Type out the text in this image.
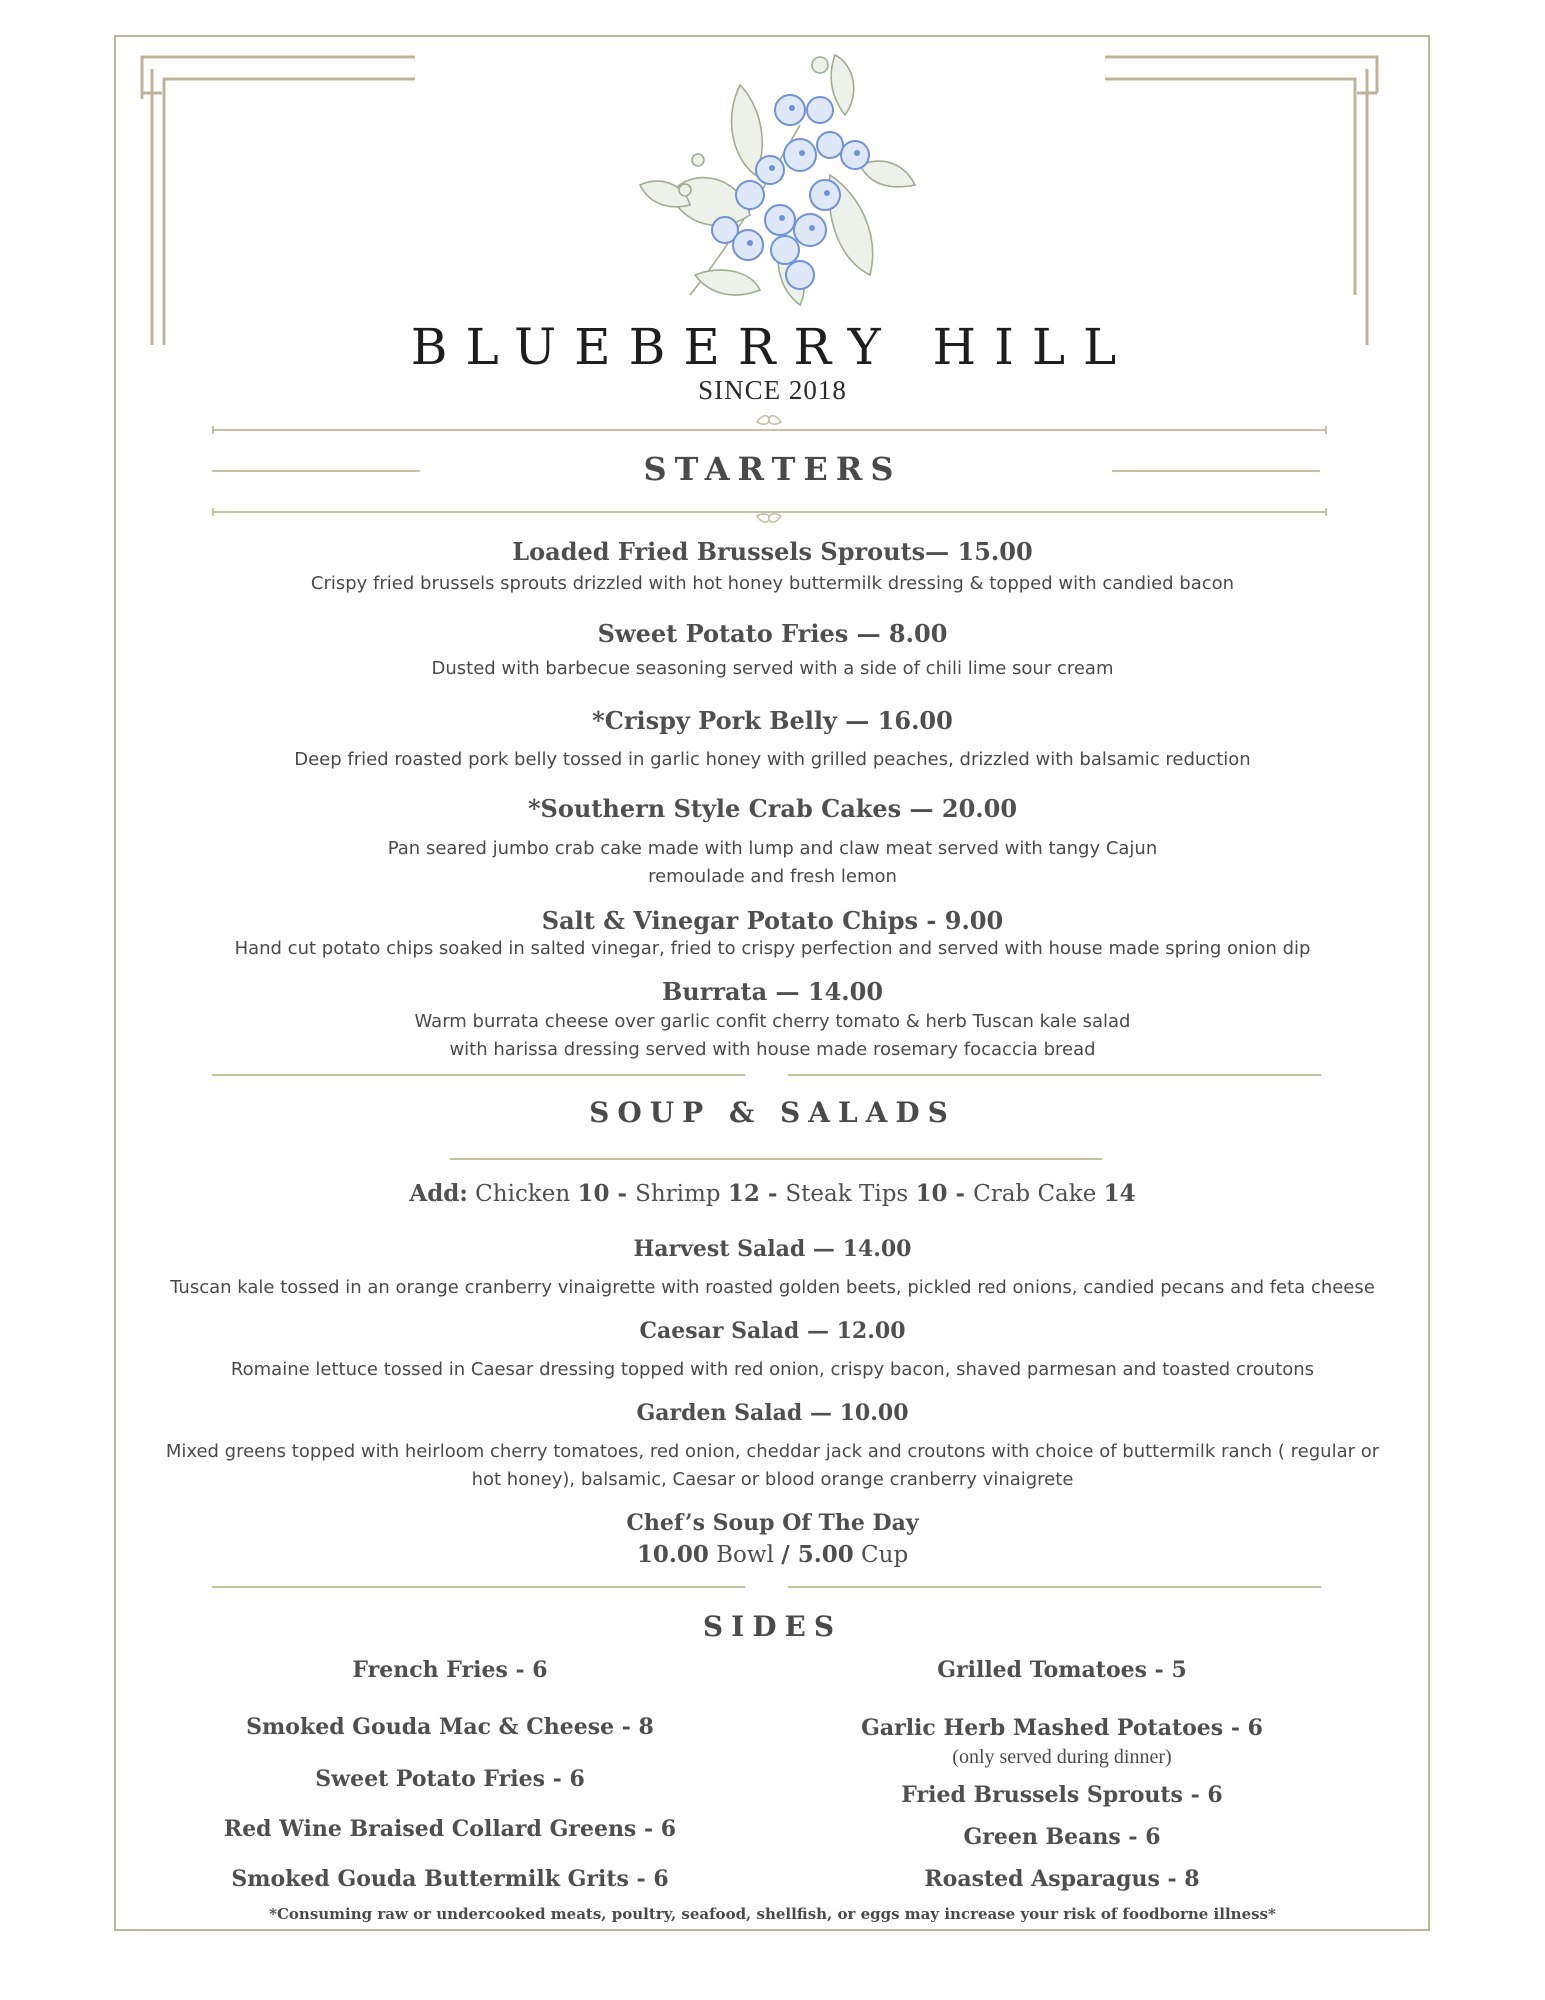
BLUEBERRY HILL
SINCE 2018
STARTERS
Loaded Fried Brussels Sprouts— 15.00
Crispy fried brussels sprouts drizzled with hot honey buttermilk dressing & topped with candied bacon
Sweet Potato Fries — 8.00
Dusted with barbecue seasoning served with a side of chili lime sour cream
*Crispy Pork Belly — 16.00
Deep fried roasted pork belly tossed in garlic honey with grilled peaches, drizzled with balsamic reduction
*Southern Style Crab Cakes — 20.00
Pan seared jumbo crab cake made with lump and claw meat served with tangy Cajun
remoulade and fresh lemon
Salt & Vinegar Potato Chips - 9.00
Hand cut potato chips soaked in salted vinegar, fried to crispy perfection and served with house made spring onion dip
Burrata — 14.00
Warm burrata cheese over garlic confit cherry tomato & herb Tuscan kale salad
with harissa dressing served with house made rosemary focaccia bread
SOUP & SALADS
Add: Chicken 10 - Shrimp 12 - Steak Tips 10 - Crab Cake 14
Harvest Salad — 14.00
Tuscan kale tossed in an orange cranberry vinaigrette with roasted golden beets, pickled red onions, candied pecans and feta cheese
Caesar Salad — 12.00
Romaine lettuce tossed in Caesar dressing topped with red onion, crispy bacon, shaved parmesan and toasted croutons
Garden Salad — 10.00
Mixed greens topped with heirloom cherry tomatoes, red onion, cheddar jack and croutons with choice of buttermilk ranch ( regular or
hot honey), balsamic, Caesar or blood orange cranberry vinaigrete
Chef’s Soup Of The Day
10.00 Bowl / 5.00 Cup
SIDES
French Fries - 6
Smoked Gouda Mac & Cheese - 8
Sweet Potato Fries - 6
Red Wine Braised Collard Greens - 6
Smoked Gouda Buttermilk Grits - 6
Grilled Tomatoes - 5
Garlic Herb Mashed Potatoes - 6
(only served during dinner)
Fried Brussels Sprouts - 6
Green Beans - 6
Roasted Asparagus - 8
*Consuming raw or undercooked meats, poultry, seafood, shellfish, or eggs may increase your risk of foodborne illness*
